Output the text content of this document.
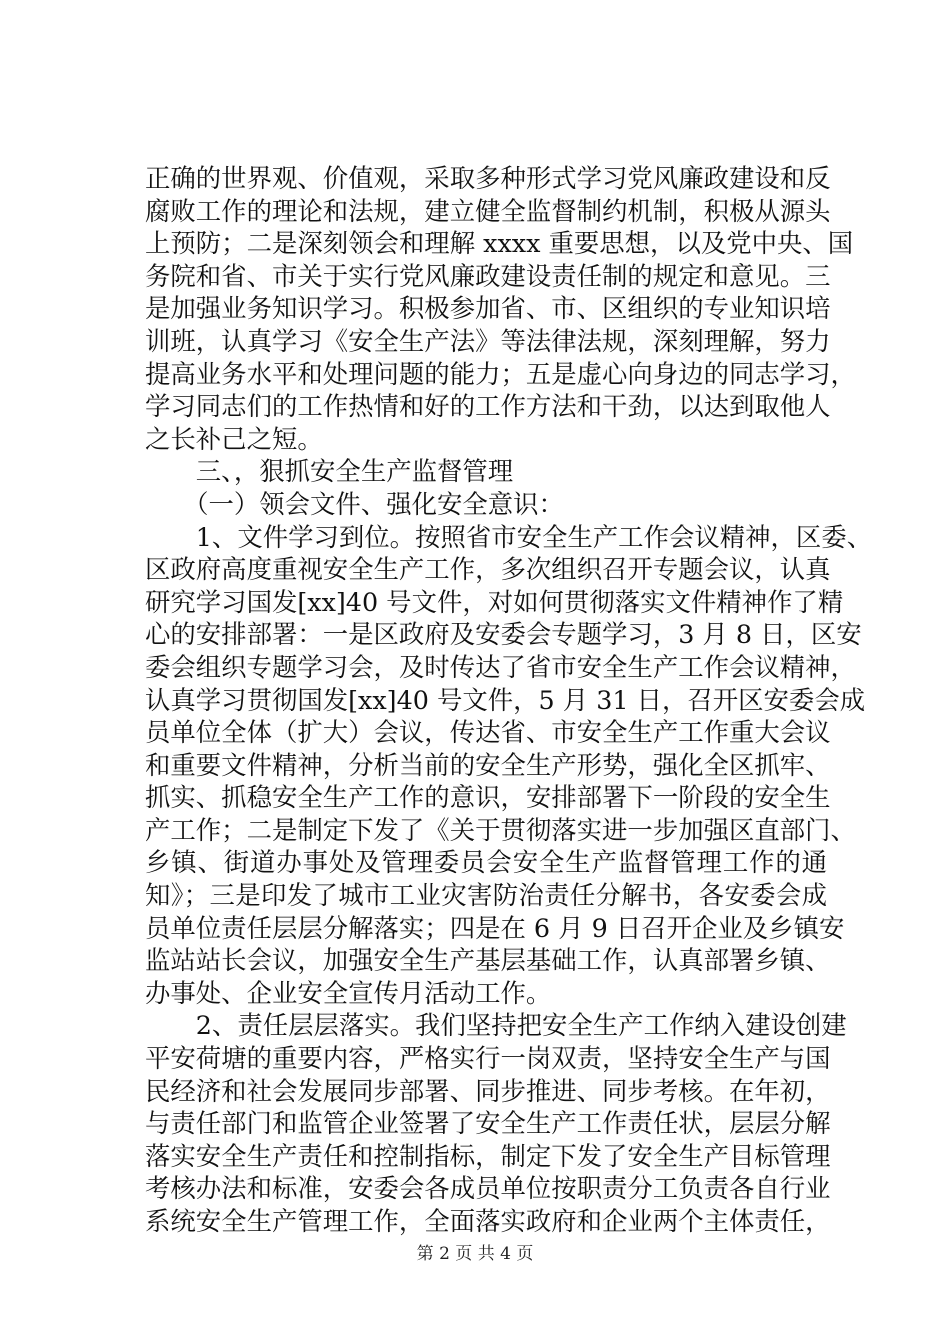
正确的世界观、价值观，采取多种形式学习党风廉政建设和反
腐败工作的理论和法规，建立健全监督制约机制，积极从源头
上预防；二是深刻领会和理解 xxxx 重要思想，以及党中央、国
务院和省、市关于实行党风廉政建设责任制的规定和意见。三
是加强业务知识学习。积极参加省、市、区组织的专业知识培
训班，认真学习《安全生产法》等法律法规，深刻理解，努力
提高业务水平和处理问题的能力；五是虚心向身边的同志学习，
学习同志们的工作热情和好的工作方法和干劲，以达到取他人
之长补己之短。
　　三、，狠抓安全生产监督管理
　　（一）领会文件、强化安全意识：
　　1、文件学习到位。按照省市安全生产工作会议精神，区委、
区政府高度重视安全生产工作，多次组织召开专题会议，认真
研究学习国发[xx]40 号文件，对如何贯彻落实文件精神作了精
心的安排部署：一是区政府及安委会专题学习，3 月 8 日，区安
委会组织专题学习会，及时传达了省市安全生产工作会议精神，
认真学习贯彻国发[xx]40 号文件，5 月 31 日，召开区安委会成
员单位全体（扩大）会议，传达省、市安全生产工作重大会议
和重要文件精神，分析当前的安全生产形势，强化全区抓牢、
抓实、抓稳安全生产工作的意识，安排部署下一阶段的安全生
产工作；二是制定下发了《关于贯彻落实进一步加强区直部门、
乡镇、街道办事处及管理委员会安全生产监督管理工作的通
知》；三是印发了城市工业灾害防治责任分解书，各安委会成
员单位责任层层分解落实；四是在 6 月 9 日召开企业及乡镇安
监站站长会议，加强安全生产基层基础工作，认真部署乡镇、
办事处、企业安全宣传月活动工作。
　　2、责任层层落实。我们坚持把安全生产工作纳入建设创建
平安荷塘的重要内容，严格实行一岗双责，坚持安全生产与国
民经济和社会发展同步部署、同步推进、同步考核。在年初，
与责任部门和监管企业签署了安全生产工作责任状，层层分解
落实安全生产责任和控制指标，制定下发了安全生产目标管理
考核办法和标准，安委会各成员单位按职责分工负责各自行业
系统安全生产管理工作，全面落实政府和企业两个主体责任，
第 2 页 共 4 页
